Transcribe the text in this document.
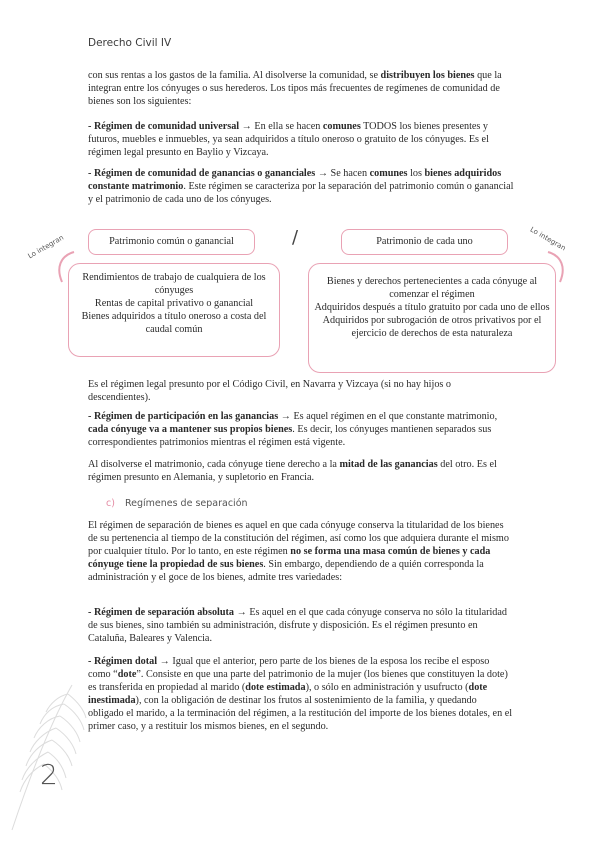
Derecho Civil IV
con sus rentas a los gastos de la familia. Al disolverse la comunidad, se distribuyen los bienes que la integran entre los cónyuges o sus herederos. Los tipos más frecuentes de regímenes de comunidad de bienes son los siguientes:
- Régimen de comunidad universal → En ella se hacen comunes TODOS los bienes presentes y futuros, muebles e inmuebles, ya sean adquiridos a título oneroso o gratuito de los cónyuges. Es el régimen legal presunto en Baylio y Vizcaya.
- Régimen de comunidad de ganancias o gananciales → Se hacen comunes los bienes adquiridos constante matrimonio. Este régimen se caracteriza por la separación del patrimonio común o ganancial y el patrimonio de cada uno de los cónyuges.
Patrimonio común o ganancial	Patrimonio de cada uno
/
Lo integran	Lo integran
Rendimientos de trabajo de cualquiera de los cónyuges
Rentas de capital privativo o ganancial
Bienes adquiridos a título oneroso a costa del caudal común
Bienes y derechos pertenecientes a cada cónyuge al comenzar el régimen
Adquiridos después a título gratuito por cada uno de ellos
Adquiridos por subrogación de otros privativos por el ejercicio de derechos de esta naturaleza
Es el régimen legal presunto por el Código Civil, en Navarra y Vizcaya (si no hay hijos o descendientes).
- Régimen de participación en las ganancias → Es aquel régimen en el que constante matrimonio, cada cónyuge va a mantener sus propios bienes. Es decir, los cónyuges mantienen separados sus correspondientes patrimonios mientras el régimen está vigente.
Al disolverse el matrimonio, cada cónyuge tiene derecho a la mitad de las ganancias del otro. Es el régimen presunto en Alemania, y supletorio en Francia.
c) Regímenes de separación
El régimen de separación de bienes es aquel en que cada cónyuge conserva la titularidad de los bienes de su pertenencia al tiempo de la constitución del régimen, así como los que adquiera durante el mismo por cualquier título. Por lo tanto, en este régimen no se forma una masa común de bienes y cada cónyuge tiene la propiedad de sus bienes. Sin embargo, dependiendo de a quién corresponda la administración y el goce de los bienes, admite tres variedades:
- Régimen de separación absoluta → Es aquel en el que cada cónyuge conserva no sólo la titularidad de sus bienes, sino también su administración, disfrute y disposición. Es el régimen presunto en Cataluña, Baleares y Valencia.
- Régimen dotal → Igual que el anterior, pero parte de los bienes de la esposa los recibe el esposo como “dote”. Consiste en que una parte del patrimonio de la mujer (los bienes que constituyen la dote) es transferida en propiedad al marido (dote estimada), o sólo en administración y usufructo (dote inestimada), con la obligación de destinar los frutos al sostenimiento de la familia, y quedando obligado el marido, a la terminación del régimen, a la restitución del importe de los bienes dotales, en el primer caso, y a restituir los mismos bienes, en el segundo.
2
